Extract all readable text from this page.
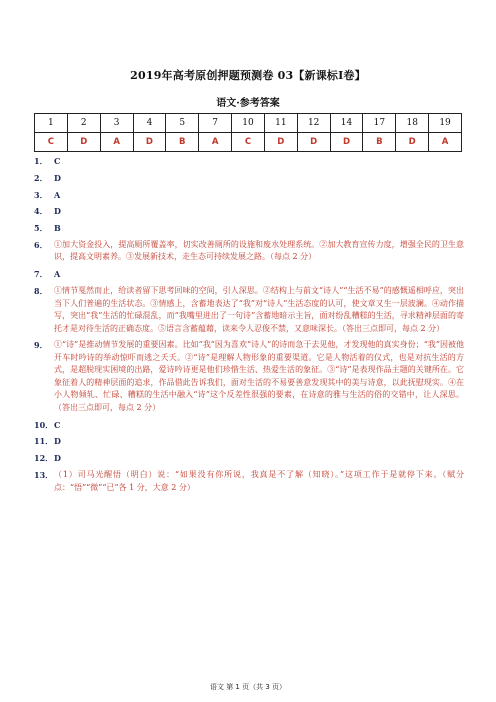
2019年高考原创押题预测卷 03【新课标Ⅰ卷】
语文·参考答案
1	2	3	4	5	7	10	11	12	14	17	18	19
C	D	A	D	B	A	C	D	D	D	B	D	A
1． C
2． D
3． A
4． D
5． B
6． ①加大资金投入，提高厕所覆盖率，切实改善厕所的设施和废水处理系统。②加大教育宣传力度，增强全民的卫生意识，提高文明素养。③发展新技术，走生态可持续发展之路。（每点 2 分）
7． A
8． ①情节戛然而止，给读者留下思考回味的空间，引人深思。②结构上与前文“诗人”“生活不易”的感慨遥相呼应，突出当下人们普遍的生活状态。③情感上，含蓄地表达了“我”对“诗人”生活态度的认可，使文章又生一层波澜。④动作描写，突出“我”生活的忙碌混乱，而“我嘴里进出了一句诗”含蓄地暗示主旨，面对纷乱糟糕的生活，寻求精神层面的寄托才是对待生活的正确态度。⑤语言含蓄蕴藉，读来令人忍俊不禁，又意味深长。（答出三点即可，每点 2 分）
9． ①“诗”是推动情节发展的重要因素。比如“我”因为喜欢“诗人”的诗而急于去见他，才发现他的真实身份；“我”因被他开车时吟诗的举动惊吓而逃之夭夭。②“诗”是理解人物形象的重要渠道。它是人物活着的仪式，也是对抗生活的方式，是超脱现实困境的出路，爱诗吟诗更是他们珍惜生活、热爱生活的象征。③“诗”是表现作品主题的关键所在。它象征着人的精神层面的追求，作品借此告诉我们，面对生活的不易要善意发现其中的美与诗意，以此抚慰现实。④在小人物倾轧、忙碌、糟糕的生活中融入“诗”这个反差性很强的要素，在诗意的雅与生活的俗的交错中，让人深思。（答出三点即可，每点 2 分）
10． C
11． D
12． D
13． （1）司马光醒悟（明白）说：“如果没有你所说，我真是不了解（知晓）。”这项工作于是就停下来。（赋分点：“悟”“微”“已”各 1 分，大意 2 分）
语文 第 1 页（共 3 页）
